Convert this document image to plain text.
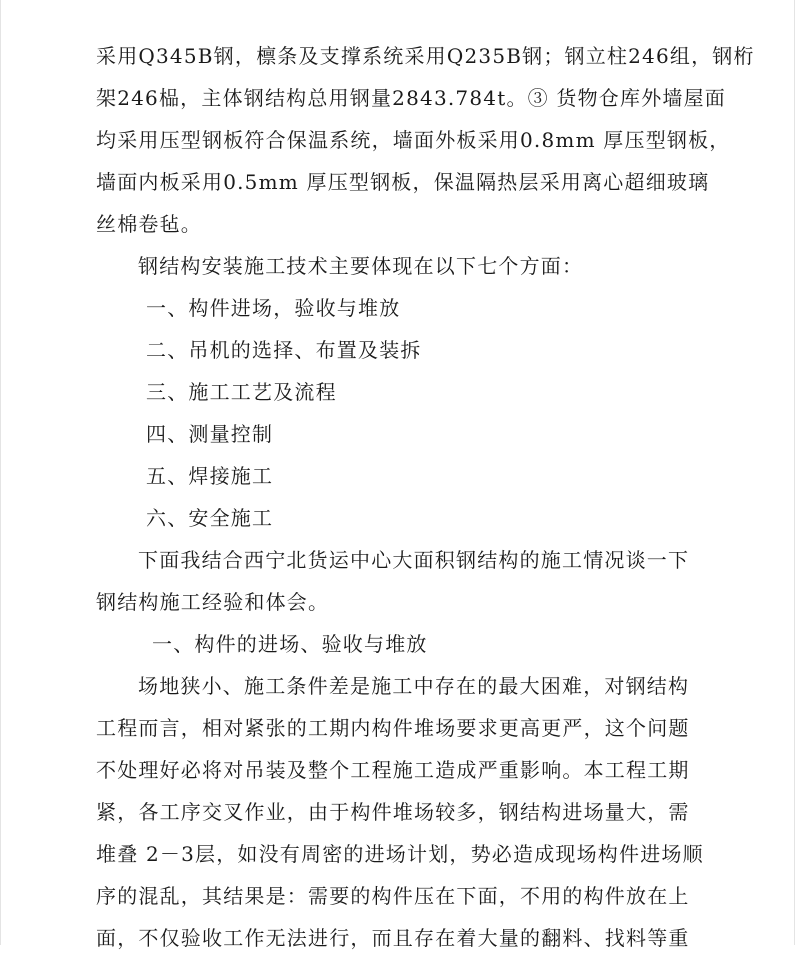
采用Q345B钢，檩条及支撑系统采用Q235B钢；钢立柱246组，钢桁
架246榀，主体钢结构总用钢量2843.784t。③ 货物仓库外墙屋面
均采用压型钢板符合保温系统，墙面外板采用0.8mm 厚压型钢板，
墙面内板采用0.5mm 厚压型钢板，保温隔热层采用离心超细玻璃
丝棉卷毡。
钢结构安装施工技术主要体现在以下七个方面：
一、构件进场，验收与堆放
二、吊机的选择、布置及装拆
三、施工工艺及流程
四、测量控制
五、焊接施工
六、安全施工
下面我结合西宁北货运中心大面积钢结构的施工情况谈一下
钢结构施工经验和体会。
一、构件的进场、验收与堆放
场地狭小、施工条件差是施工中存在的最大困难，对钢结构
工程而言，相对紧张的工期内构件堆场要求更高更严，这个问题
不处理好必将对吊装及整个工程施工造成严重影响。本工程工期
紧，各工序交叉作业，由于构件堆场较多，钢结构进场量大，需
堆叠 2－3层，如没有周密的进场计划，势必造成现场构件进场顺
序的混乱，其结果是：需要的构件压在下面，不用的构件放在上
面，不仅验收工作无法进行，而且存在着大量的翻料、找料等重
